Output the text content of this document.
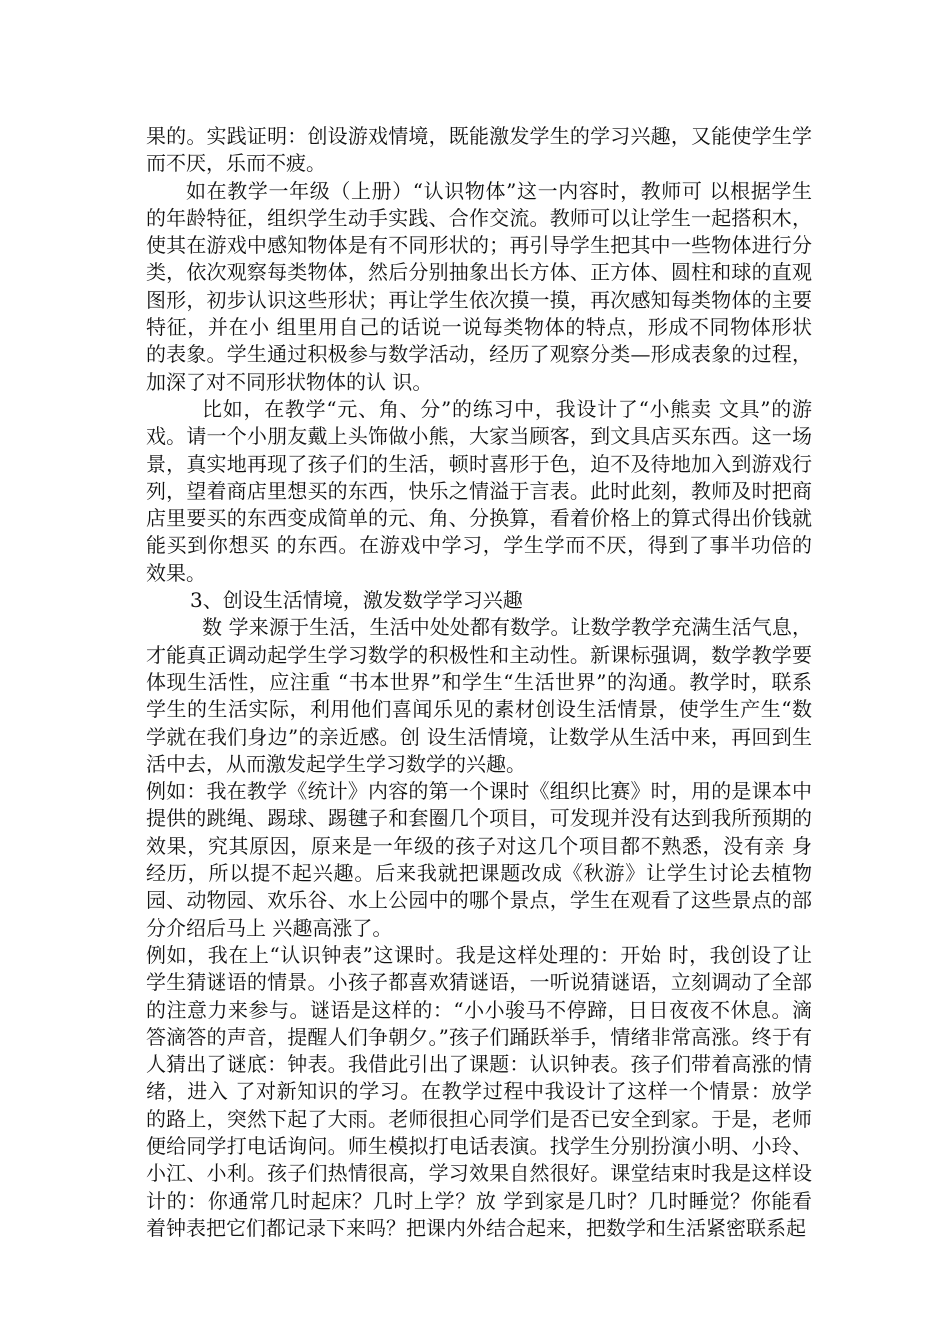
果的。实践证明：创设游戏情境，既能激发学生的学习兴趣，又能使学生学而不厌，乐而不疲。

如在教学一年级（上册）“认识物体”这一内容时，教师可 以根据学生的年龄特征，组织学生动手实践、合作交流。教师可以让学生一起搭积木，使其在游戏中感知物体是有不同形状的；再引导学生把其中一些物体进行分 类，依次观察每类物体，然后分别抽象出长方体、正方体、圆柱和球的直观图形，初步认识这些形状；再让学生依次摸一摸，再次感知每类物体的主要特征，并在小 组里用自己的话说一说每类物体的特点，形成不同物体形状的表象。学生通过积极参与数学活动，经历了观察分类—形成表象的过程，加深了对不同形状物体的认 识。

比如，在教学“元、角、分”的练习中，我设计了“小熊卖 文具”的游戏。请一个小朋友戴上头饰做小熊，大家当顾客，到文具店买东西。这一场景，真实地再现了孩子们的生活，顿时喜形于色，迫不及待地加入到游戏行 列，望着商店里想买的东西，快乐之情溢于言表。此时此刻，教师及时把商店里要买的东西变成简单的元、角、分换算，看着价格上的算式得出价钱就能买到你想买 的东西。在游戏中学习，学生学而不厌，得到了事半功倍的效果。

3、创设生活情境，激发数学学习兴趣

数 学来源于生活，生活中处处都有数学。让数学教学充满生活气息，才能真正调动起学生学习数学的积极性和主动性。新课标强调，数学教学要体现生活性，应注重 “书本世界”和学生“生活世界”的沟通。教学时，联系学生的生活实际，利用他们喜闻乐见的素材创设生活情景，使学生产生“数学就在我们身边”的亲近感。创 设生活情境，让数学从生活中来，再回到生活中去，从而激发起学生学习数学的兴趣。

例如：我在教学《统计》内容的第一个课时《组织比赛》时，用的是课本中提供的跳绳、踢球、踢毽子和套圈几个项目，可发现并没有达到我所预期的效果，究其原因，原来是一年级的孩子对这几个项目都不熟悉，没有亲 身经历，所以提不起兴趣。后来我就把课题改成《秋游》让学生讨论去植物园、动物园、欢乐谷、水上公园中的哪个景点，学生在观看了这些景点的部分介绍后马上 兴趣高涨了。

例如，我在上“认识钟表”这课时。我是这样处理的：开始 时，我创设了让学生猜谜语的情景。小孩子都喜欢猜谜语，一听说猜谜语，立刻调动了全部的注意力来参与。谜语是这样的：“小小骏马不停蹄，日日夜夜不休息。滴答滴答的声音，提醒人们争朝夕。”孩子们踊跃举手，情绪非常高涨。终于有人猜出了谜底：钟表。我借此引出了课题：认识钟表。孩子们带着高涨的情绪，进入 了对新知识的学习。在教学过程中我设计了这样一个情景：放学的路上，突然下起了大雨。老师很担心同学们是否已安全到家。于是，老师便给同学打电话询问。师生模拟打电话表演。找学生分别扮演小明、小玲、小江、小利。孩子们热情很高，学习效果自然很好。课堂结束时我是这样设计的：你通常几时起床？几时上学？放 学到家是几时？几时睡觉？你能看着钟表把它们都记录下来吗？把课内外结合起来，把数学和生活紧密联系起
